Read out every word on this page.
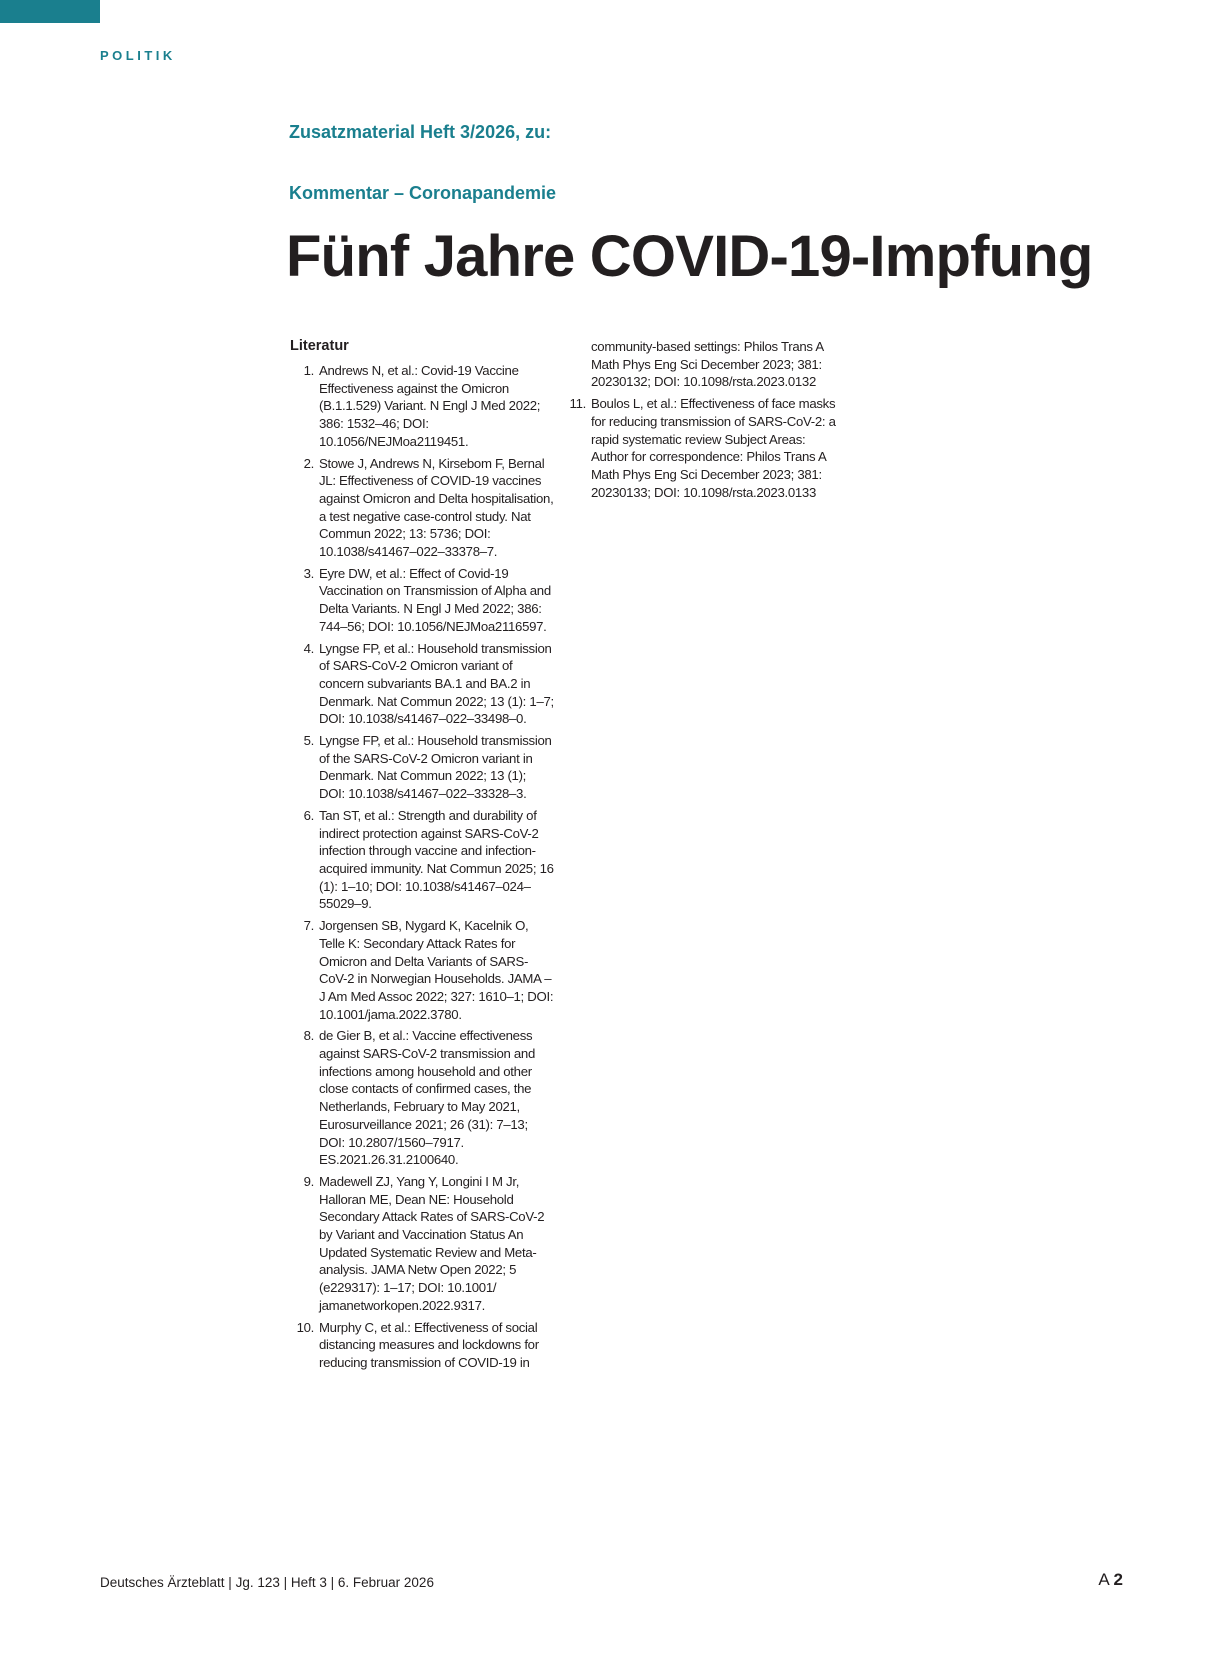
POLITIK
Zusatzmaterial Heft 3/2026, zu:
Kommentar – Coronapandemie
Fünf Jahre COVID-19-Impfung
Literatur
1. Andrews N, et al.: Covid-19 Vaccine Effectiveness against the Omicron (B.1.1.529) Variant. N Engl J Med 2022; 386: 1532–46; DOI: 10.1056/NEJMoa2119451.
2. Stowe J, Andrews N, Kirsebom F, Bernal JL: Effectiveness of COVID-19 vaccines against Omicron and Delta hospitalisation, a test negative case-control study. Nat Commun 2022; 13: 5736; DOI: 10.1038/s41467–022–33378–7.
3. Eyre DW, et al.: Effect of Covid-19 Vaccination on Transmission of Alpha and Delta Variants. N Engl J Med 2022; 386: 744–56; DOI: 10.1056/NEJMoa2116597.
4. Lyngse FP, et al.: Household transmission of SARS-CoV-2 Omicron variant of concern subvariants BA.1 and BA.2 in Denmark. Nat Commun 2022; 13 (1): 1–7; DOI: 10.1038/s41467–022–33498–0.
5. Lyngse FP, et al.: Household transmission of the SARS-CoV-2 Omicron variant in Denmark. Nat Commun 2022; 13 (1); DOI: 10.1038/s41467–022–33328–3.
6. Tan ST, et al.: Strength and durability of indirect protection against SARS-CoV-2 infection through vaccine and infection-acquired immunity. Nat Commun 2025; 16 (1): 1–10; DOI: 10.1038/s41467–024–55029–9.
7. Jorgensen SB, Nygard K, Kacelnik O, Telle K: Secondary Attack Rates for Omicron and Delta Variants of SARS-CoV-2 in Norwegian Households. JAMA – J Am Med Assoc 2022; 327: 1610–1; DOI: 10.1001/jama.2022.3780.
8. de Gier B, et al.: Vaccine effectiveness against SARS-CoV-2 transmission and infections among household and other close contacts of confirmed cases, the Netherlands, February to May 2021, Eurosurveillance 2021; 26 (31): 7–13; DOI: 10.2807/1560–7917. ES.2021.26.31.2100640.
9. Madewell ZJ, Yang Y, Longini I M Jr, Halloran ME, Dean NE: Household Secondary Attack Rates of SARS-CoV-2 by Variant and Vaccination Status An Updated Systematic Review and Meta-analysis. JAMA Netw Open 2022; 5 (e229317): 1–17; DOI: 10.1001/ jamanetworkopen.2022.9317.
10. Murphy C, et al.: Effectiveness of social distancing measures and lockdowns for reducing transmission of COVID-19 in
community-based settings: Philos Trans A Math Phys Eng Sci December 2023; 381: 20230132; DOI: 10.1098/rsta.2023.0132
11. Boulos L, et al.: Effectiveness of face masks for reducing transmission of SARS-CoV-2: a rapid systematic review Subject Areas: Author for correspondence: Philos Trans A Math Phys Eng Sci December 2023; 381: 20230133; DOI: 10.1098/rsta.2023.0133
Deutsches Ärzteblatt | Jg. 123 | Heft 3 | 6. Februar 2026	A 2
